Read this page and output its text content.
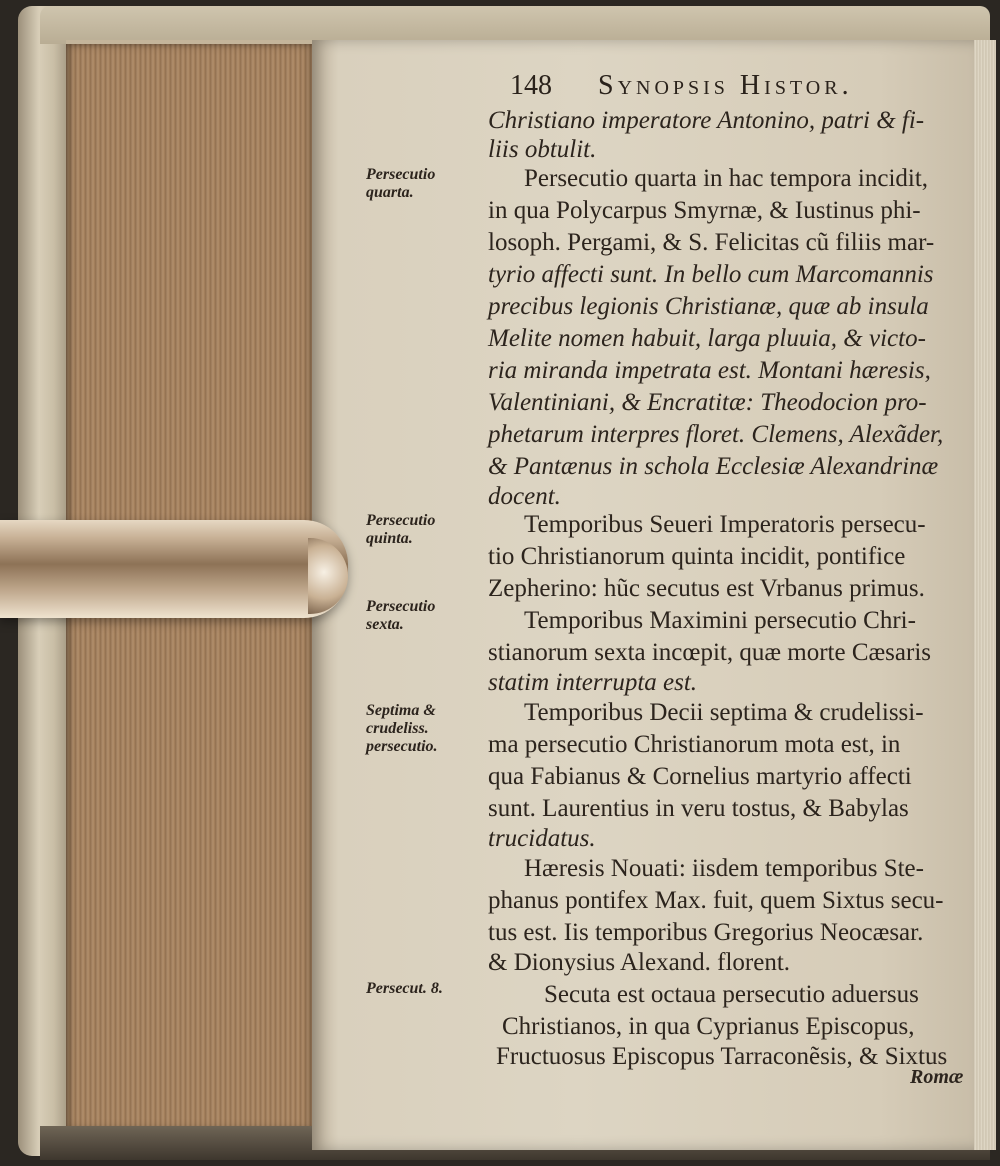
148 Synopsis Histor.
Persecutio quarta.
Persecutio quinta.
Persecutio sexta.
Septima & crudeliss. persecutio.
Persecut. 8.
Christiano imperatore Antonino, patri & fi-
liis obtulit.
Persecutio quarta in hac tempora incidit,
in qua Polycarpus Smyrnæ, & Iustinus phi-
losoph. Pergami, & S. Felicitas cũ filiis mar-
tyrio affecti sunt. In bello cum Marcomannis
precibus legionis Christianæ, quæ ab insula
Melite nomen habuit, larga pluuia, & victo-
ria miranda impetrata est. Montani hæresis,
Valentiniani, & Encratitæ: Theodocion pro-
phetarum interpres floret. Clemens, Alexãder,
& Pantænus in schola Ecclesiæ Alexandrinæ
docent.
Temporibus Seueri Imperatoris persecu-
tio Christianorum quinta incidit, pontifice
Zepherino: hũc secutus est Vrbanus primus.
Temporibus Maximini persecutio Chri-
stianorum sexta incœpit, quæ morte Cæsaris
statim interrupta est.
Temporibus Decii septima & crudelissi-
ma persecutio Christianorum mota est, in
qua Fabianus & Cornelius martyrio affecti
sunt. Laurentius in veru tostus, & Babylas
trucidatus.
Hæresis Nouati: iisdem temporibus Ste-
phanus pontifex Max. fuit, quem Sixtus secu-
tus est. Iis temporibus Gregorius Neocæsar.
& Dionysius Alexand. florent.
Secuta est octaua persecutio aduersus
Christianos, in qua Cyprianus Episcopus,
Fructuosus Episcopus Tarraconẽsis, & Sixtus
Romæ
